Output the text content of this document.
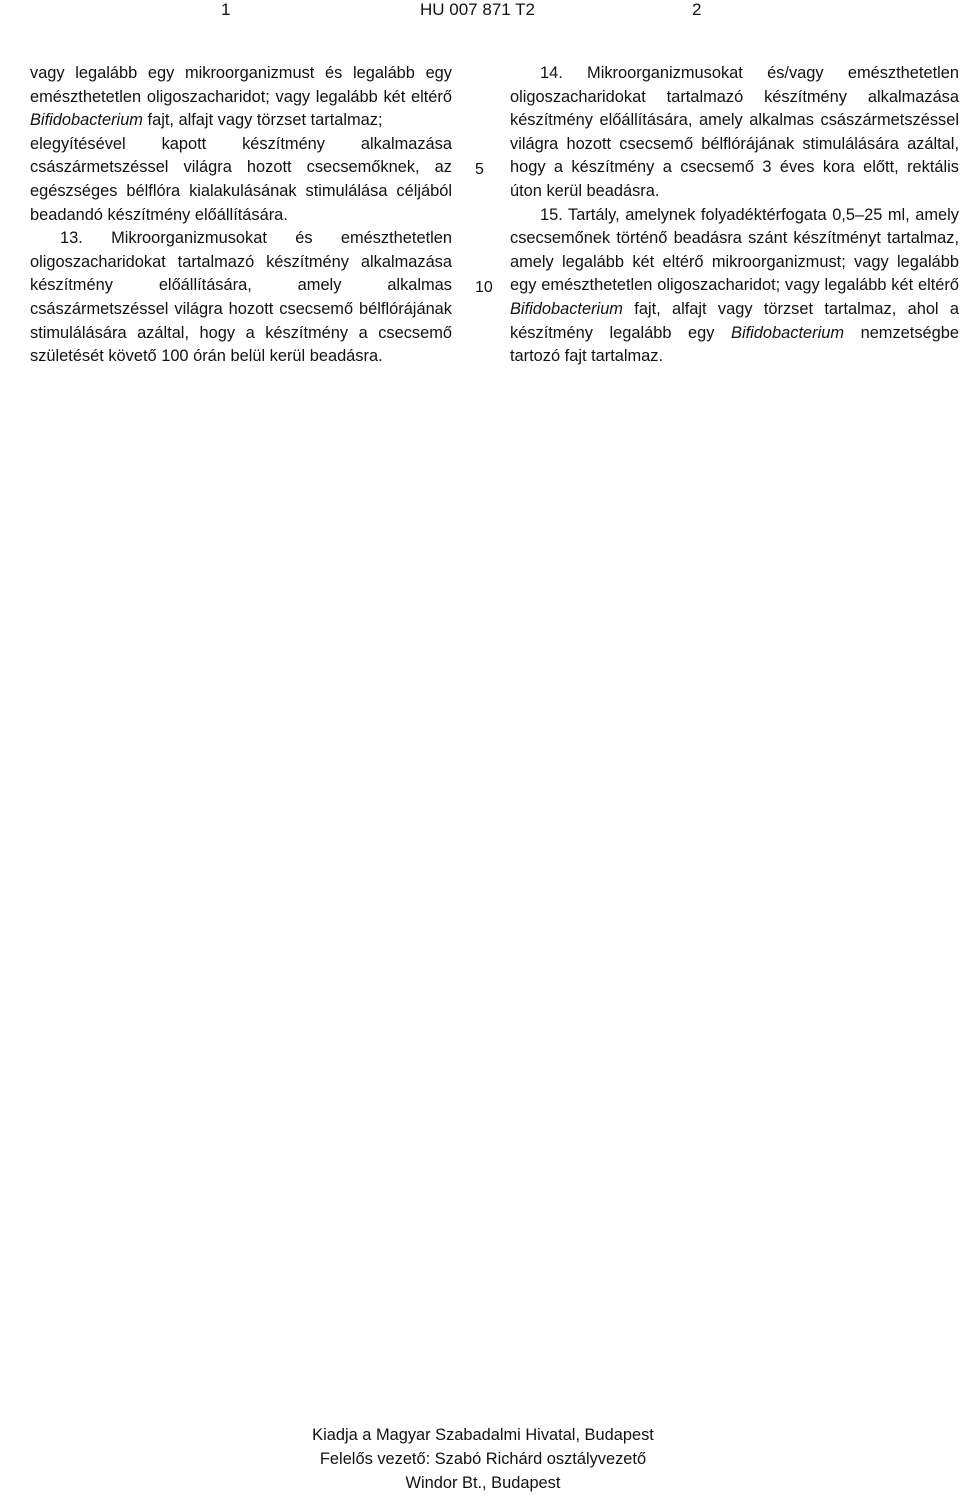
1	HU 007 871 T2	2

vagy legalább egy mikroorganizmust és legalább egy emészthetetlen oligoszacharidot; vagy legalább két eltérő Bifidobacterium fajt, alfajt vagy törzset tartalmaz;

elegyítésével kapott készítmény alkalmazása császármetszéssel világra hozott csecsemőknek, az egészséges bélflóra kialakulásának stimulálása céljából beadandó készítmény előállítására.

13. Mikroorganizmusokat és emészthetetlen oligoszacharidokat tartalmazó készítmény alkalmazása készítmény előállítására, amely alkalmas császármetszéssel világra hozott csecsemő bélflórájának stimulálására azáltal, hogy a készítmény a csecsemő születését követő 100 órán belül kerül beadásra.

5
10

14. Mikroorganizmusokat és/vagy emészthetetlen oligoszacharidokat tartalmazó készítmény alkalmazása készítmény előállítására, amely alkalmas császármetszéssel világra hozott csecsemő bélflórájának stimulálására azáltal, hogy a készítmény a csecsemő 3 éves kora előtt, rektális úton kerül beadásra.

15. Tartály, amelynek folyadéktérfogata 0,5–25 ml, amely csecsemőnek történő beadásra szánt készítményt tartalmaz, amely legalább két eltérő mikroorganizmust; vagy legalább egy emészthetetlen oligoszacharidot; vagy legalább két eltérő Bifidobacterium fajt, alfajt vagy törzset tartalmaz, ahol a készítmény legalább egy Bifidobacterium nemzetségbe tartozó fajt tartalmaz.

Kiadja a Magyar Szabadalmi Hivatal, Budapest
Felelős vezető: Szabó Richárd osztályvezető
Windor Bt., Budapest
